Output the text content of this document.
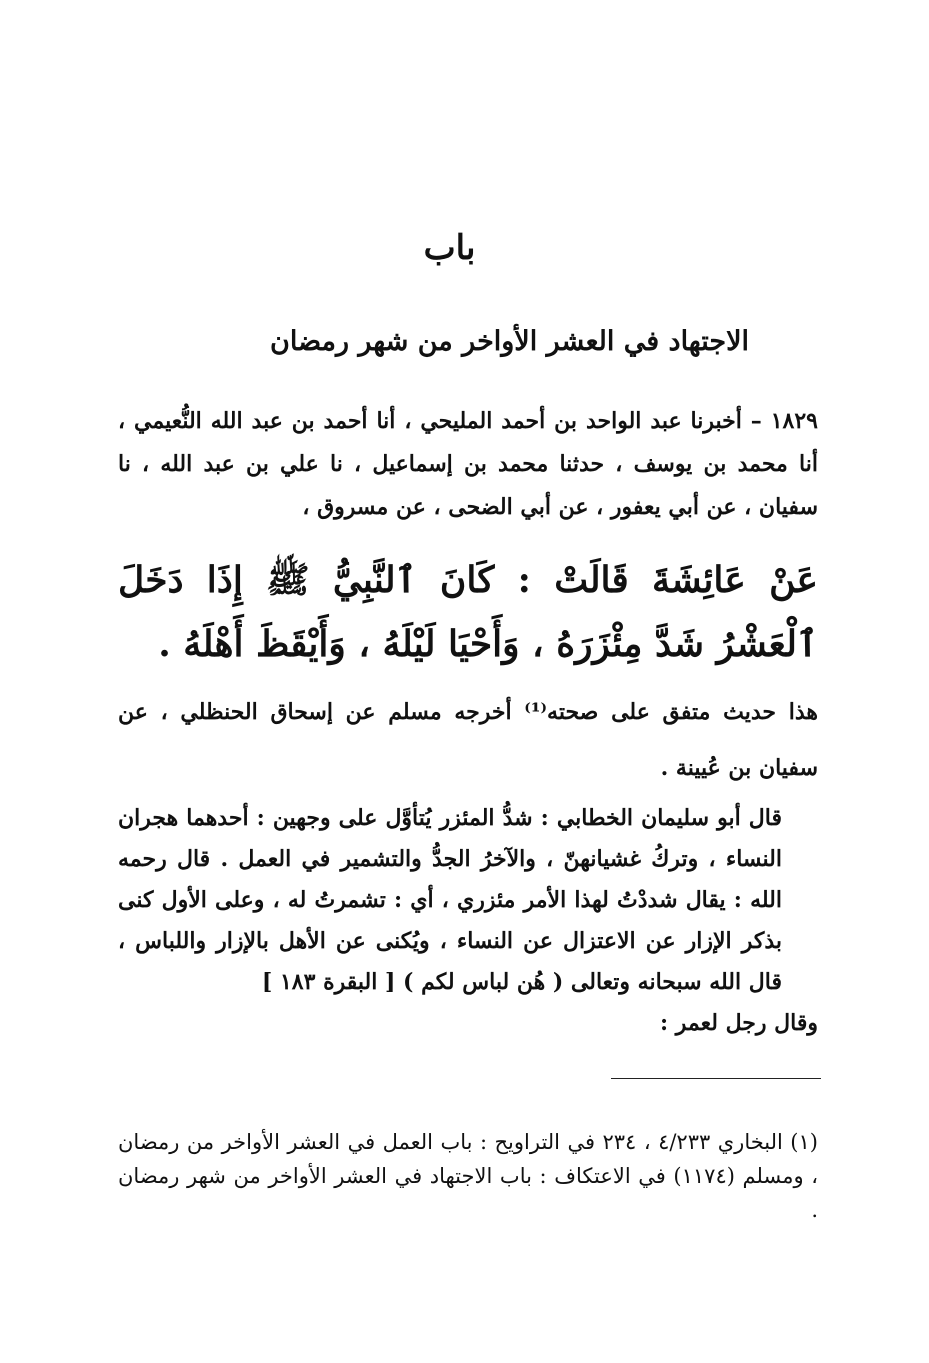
باب
الاجتهاد في العشر الأواخر من شهر رمضان
١٨٢٩ – أخبرنا عبد الواحد بن أحمد المليحي ، أنا أحمد بن عبد الله النُّعيمي ، أنا محمد بن يوسف ، حدثنا محمد بن إسماعيل ، نا علي بن عبد الله ، نا سفيان ، عن أبي يعفور ، عن أبي الضحى ، عن مسروق ،
عَنْ عَائِشَةَ قَالَتْ : كَانَ ٱلنَّبِيُّ ﷺ إِذَا دَخَلَ ٱلْعَشْرُ شَدَّ مِئْزَرَهُ ، وَأَحْيَا لَيْلَهُ ، وَأَيْقَظَ أَهْلَهُ .
هذا حديث متفق على صحته⁽¹⁾ أخرجه مسلم عن إسحاق الحنظلي ، عن سفيان بن عُيينة .

قال أبو سليمان الخطابي : شدُّ المئزر يُتأوَّل على وجهين : أحدهما هجران النساء ، وتركُ غشيانهنّ ، والآخرُ الجدُّ والتشمير في العمل . قال رحمه الله : يقال شددْتُ لهذا الأمر مئزري ، أي : تشمرتُ له ، وعلى الأول كنى بذكر الإزار عن الاعتزال عن النساء ، ويُكنى عن الأهل بالإزار واللباس ، قال الله سبحانه وتعالى ( هُن لباس لكم ) [ البقرة ١٨٣ ]

وقال رجل لعمر :

(١) البخاري ٤/٢٣٣ ، ٢٣٤ في التراويح : باب العمل في العشر الأواخر من رمضان ، ومسلم (١١٧٤) في الاعتكاف : باب الاجتهاد في العشر الأواخر من شهر رمضان .
